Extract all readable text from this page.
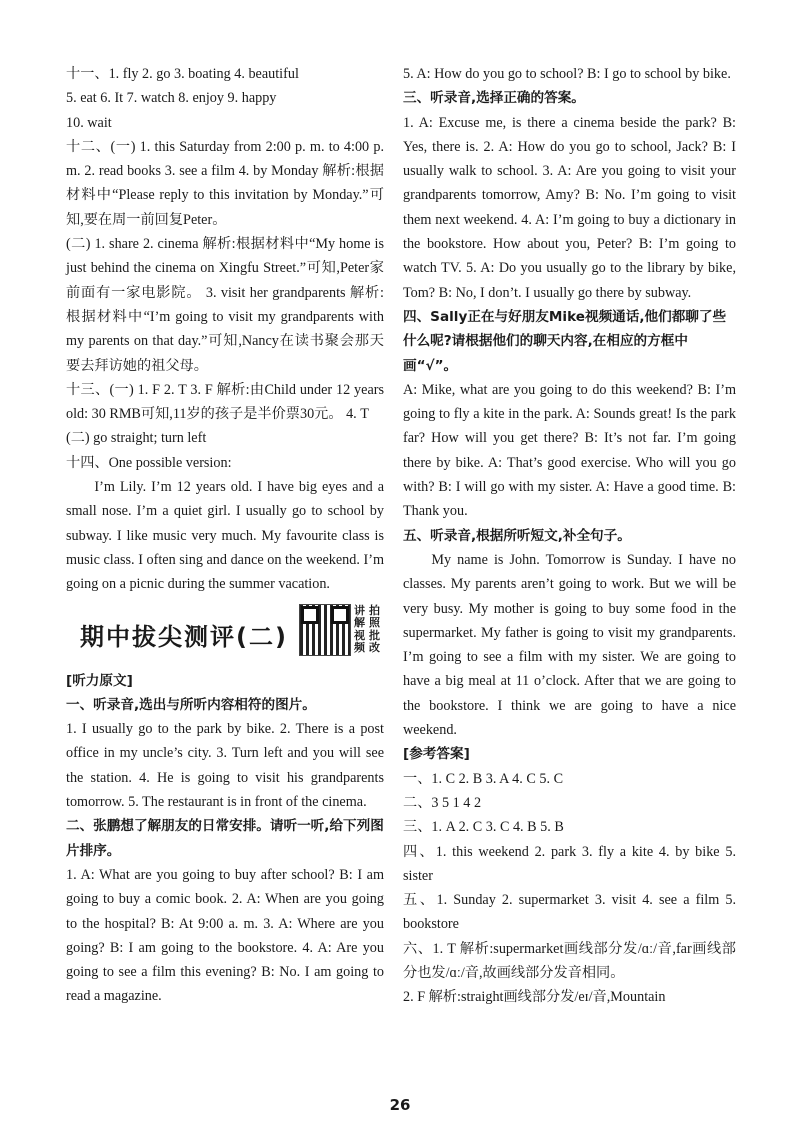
十一、1. fly 2. go 3. boating 4. beautiful

5. eat 6. It 7. watch 8. enjoy 9. happy

10. wait

十二、(一) 1. this Saturday from 2:00 p. m. to 4:00 p. m. 2. read books 3. see a film 4. by Monday 解析:根据材料中“Please reply to this invitation by Monday.”可知,要在周一前回复Peter。

(二) 1. share 2. cinema 解析:根据材料中“My home is just behind the cinema on Xingfu Street.”可知,Peter家前面有一家电影院。 3. visit her grandparents 解析:根据材料中“I’m going to visit my grandparents with my parents on that day.”可知,Nancy在读书聚会那天要去拜访她的祖父母。

十三、(一) 1. F 2. T 3. F 解析:由Child under 12 years old: 30 RMB可知,11岁的孩子是半价票30元。 4. T

(二) go straight; turn left

十四、One possible version:

I’m Lily. I’m 12 years old. I have big eyes and a small nose. I’m a quiet girl. I usually go to school by subway. I like music very much. My favourite class is music class. I often sing and dance on the weekend. I’m going on a picnic during the summer vacation.

期中拔尖测评(二)
讲 拍
解 照
视 批
频 改

[听力原文]

一、听录音,选出与所听内容相符的图片。

1. I usually go to the park by bike. 2. There is a post office in my uncle’s city. 3. Turn left and you will see the station. 4. He is going to visit his grandparents tomorrow. 5. The restaurant is in front of the cinema.

二、张鹏想了解朋友的日常安排。请听一听,给下列图片排序。

1. A: What are you going to buy after school? B: I am going to buy a comic book. 2. A: When are you going to the hospital? B: At 9:00 a. m. 3. A: Where are you going? B: I am going to the bookstore. 4. A: Are you going to see a film this evening? B: No. I am going to read a magazine.

5. A: How do you go to school? B: I go to school by bike.

三、听录音,选择正确的答案。

1. A: Excuse me, is there a cinema beside the park? B: Yes, there is. 2. A: How do you go to school, Jack? B: I usually walk to school. 3. A: Are you going to visit your grandparents tomorrow, Amy? B: No. I’m going to visit them next weekend. 4. A: I’m going to buy a dictionary in the bookstore. How about you, Peter? B: I’m going to watch TV. 5. A: Do you usually go to the library by bike, Tom? B: No, I don’t. I usually go there by subway.

四、Sally正在与好朋友Mike视频通话,他们都聊了些什么呢?请根据他们的聊天内容,在相应的方框中画“√”。

A: Mike, what are you going to do this weekend? B: I’m going to fly a kite in the park. A: Sounds great! Is the park far? How will you get there? B: It’s not far. I’m going there by bike. A: That’s good exercise. Who will you go with? B: I will go with my sister. A: Have a good time. B: Thank you.

五、听录音,根据所听短文,补全句子。

My name is John. Tomorrow is Sunday. I have no classes. My parents aren’t going to work. But we will be very busy. My mother is going to buy some food in the supermarket. My father is going to visit my grandparents. I’m going to see a film with my sister. We are going to have a big meal at 11 o’clock. After that we are going to the bookstore. I think we are going to have a nice weekend.

[参考答案]

一、1. C 2. B 3. A 4. C 5. C

二、3 5 1 4 2

三、1. A 2. C 3. C 4. B 5. B

四、1. this weekend 2. park 3. fly a kite 4. by bike 5. sister

五、1. Sunday 2. supermarket 3. visit 4. see a film 5. bookstore

六、1. T 解析:supermarket画线部分发/ɑː/音,far画线部分也发/ɑː/音,故画线部分发音相同。

2. F 解析:straight画线部分发/eɪ/音,Mountain

26
